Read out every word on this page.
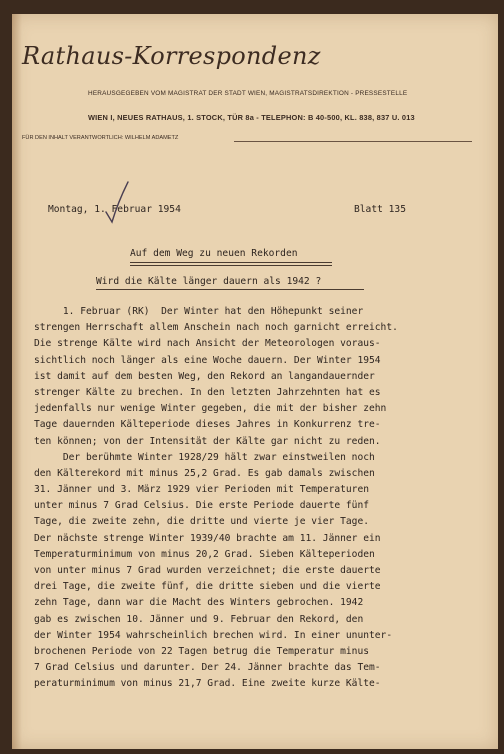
Rathaus-Korrespondenz
HERAUSGEGEBEN VOM MAGISTRAT DER STADT WIEN, MAGISTRATSDIREKTION - PRESSESTELLE
WIEN I, NEUES RATHAUS, 1. STOCK, TÜR 8a - TELEPHON: B 40-500, KL. 838, 837 U. 013
FÜR DEN INHALT VERANTWORTLICH: WILHELM ADAMETZ
Montag, 1. Februar 1954	Blatt 135
Auf dem Weg zu neuen Rekorden
Wird die Kälte länger dauern als 1942 ?
1. Februar (RK)  Der Winter hat den Höhepunkt seiner
strengen Herrschaft allem Anschein nach noch garnicht erreicht.
Die strenge Kälte wird nach Ansicht der Meteorologen voraus-
sichtlich noch länger als eine Woche dauern. Der Winter 1954
ist damit auf dem besten Weg, den Rekord an langandauernder
strenger Kälte zu brechen. In den letzten Jahrzehnten hat es
jedenfalls nur wenige Winter gegeben, die mit der bisher zehn
Tage dauernden Kälteperiode dieses Jahres in Konkurrenz tre-
ten können; von der Intensität der Kälte gar nicht zu reden.
Der berühmte Winter 1928/29 hält zwar einstweilen noch
den Kälterekord mit minus 25,2 Grad. Es gab damals zwischen
31. Jänner und 3. März 1929 vier Perioden mit Temperaturen
unter minus 7 Grad Celsius. Die erste Periode dauerte fünf
Tage, die zweite zehn, die dritte und vierte je vier Tage.
Der nächste strenge Winter 1939/40 brachte am 11. Jänner ein
Temperaturminimum von minus 20,2 Grad. Sieben Kälteperioden
von unter minus 7 Grad wurden verzeichnet; die erste dauerte
drei Tage, die zweite fünf, die dritte sieben und die vierte
zehn Tage, dann war die Macht des Winters gebrochen. 1942
gab es zwischen 10. Jänner und 9. Februar den Rekord, den
der Winter 1954 wahrscheinlich brechen wird. In einer ununter-
brochenen Periode von 22 Tagen betrug die Temperatur minus
7 Grad Celsius und darunter. Der 24. Jänner brachte das Tem-
peraturminimum von minus 21,7 Grad. Eine zweite kurze Kälte-
